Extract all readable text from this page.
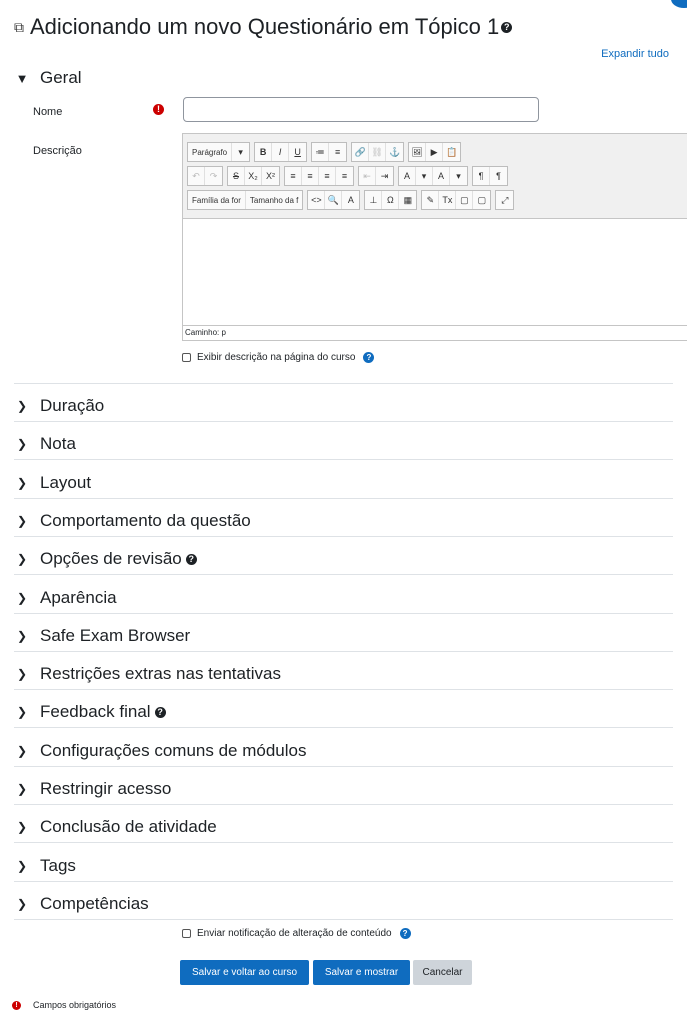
⧉ Adicionando um novo Questionário em Tópico 1 ?
Expandir tudo
▼ Geral
Nome	!
Descrição	Parágrafo	▾	B	I	U	≔	≡	🔗 ⛓ ⚓	🖼 ▶ 📋
↶	↷	S	X₂ X²	≡	≡	≡	≡	⇤	⇥	A	▾	A	▾	¶	¶
Família da for	Tamanho da f	<> 🔍 A	⊥	Ω	▦	✎ Tx ▢ ▢	⤢
Caminho: p
Exibir descrição na página do curso	?
❯ Duração
❯ Nota
❯ Layout
❯ Comportamento da questão
❯ Opções de revisão ?
❯ Aparência
❯ Safe Exam Browser
❯ Restrições extras nas tentativas
❯ Feedback final ?
❯ Configurações comuns de módulos
❯ Restringir acesso
❯ Conclusão de atividade
❯ Tags
❯ Competências
Enviar notificação de alteração de conteúdo	?
Salvar e voltar ao curso	Salvar e mostrar	Cancelar
!	Campos obrigatórios
